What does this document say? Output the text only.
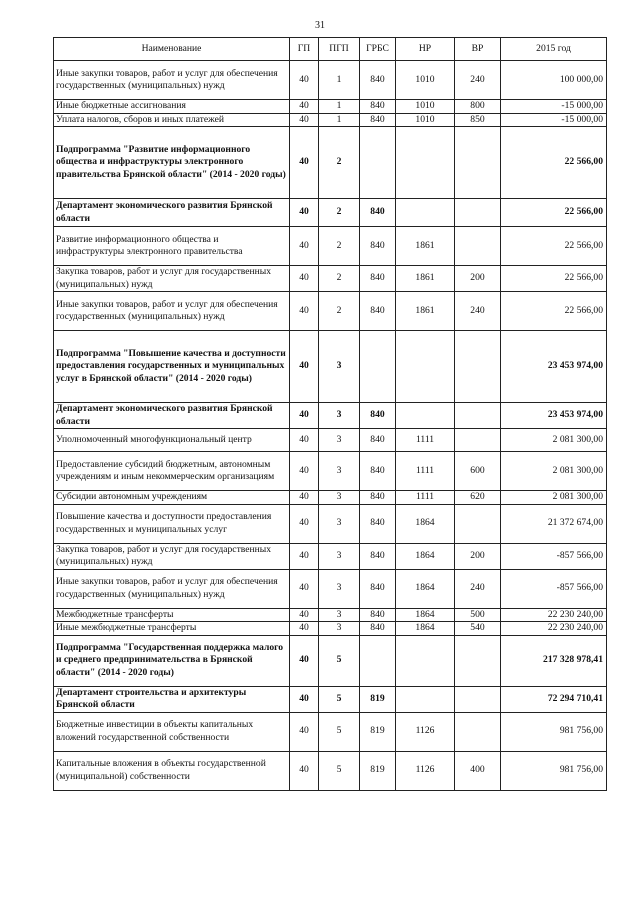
31
Наименование	ГП	ПГП	ГРБС	НР	ВР	2015 год
Иные закупки товаров, работ и услуг для обеспечения государственных (муниципальных) нужд	40	1	840	1010	240	100 000,00
Иные бюджетные ассигнования	40	1	840	1010	800	-15 000,00
Уплата налогов, сборов и иных платежей	40	1	840	1010	850	-15 000,00
Подпрограмма "Развитие информационного общества и инфраструктуры электронного правительства Брянской области" (2014 - 2020 годы)	40	2				22 566,00
Департамент экономического развития Брянской области	40	2	840			22 566,00
Развитие информационного общества и инфраструктуры электронного правительства	40	2	840	1861		22 566,00
Закупка товаров, работ и услуг для государственных (муниципальных) нужд	40	2	840	1861	200	22 566,00
Иные закупки товаров, работ и услуг для обеспечения государственных (муниципальных) нужд	40	2	840	1861	240	22 566,00
Подпрограмма "Повышение качества и доступности предоставления государственных и муниципальных услуг в Брянской области" (2014 - 2020 годы)	40	3				23 453 974,00
Департамент экономического развития Брянской области	40	3	840			23 453 974,00
Уполномоченный многофункциональный центр	40	3	840	1111		2 081 300,00
Предоставление субсидий бюджетным, автономным учреждениям и иным некоммерческим организациям	40	3	840	1111	600	2 081 300,00
Субсидии автономным учреждениям	40	3	840	1111	620	2 081 300,00
Повышение качества и доступности предоставления государственных и муниципальных услуг	40	3	840	1864		21 372 674,00
Закупка товаров, работ и услуг для государственных (муниципальных) нужд	40	3	840	1864	200	-857 566,00
Иные закупки товаров, работ и услуг для обеспечения государственных (муниципальных) нужд	40	3	840	1864	240	-857 566,00
Межбюджетные трансферты	40	3	840	1864	500	22 230 240,00
Иные межбюджетные трансферты	40	3	840	1864	540	22 230 240,00
Подпрограмма "Государственная поддержка малого и среднего предпринимательства в Брянской области" (2014 - 2020 годы)	40	5				217 328 978,41
Департамент строительства и архитектуры Брянской области	40	5	819			72 294 710,41
Бюджетные инвестиции в объекты капитальных вложений государственной собственности	40	5	819	1126		981 756,00
Капитальные вложения в объекты государственной (муниципальной) собственности	40	5	819	1126	400	981 756,00
